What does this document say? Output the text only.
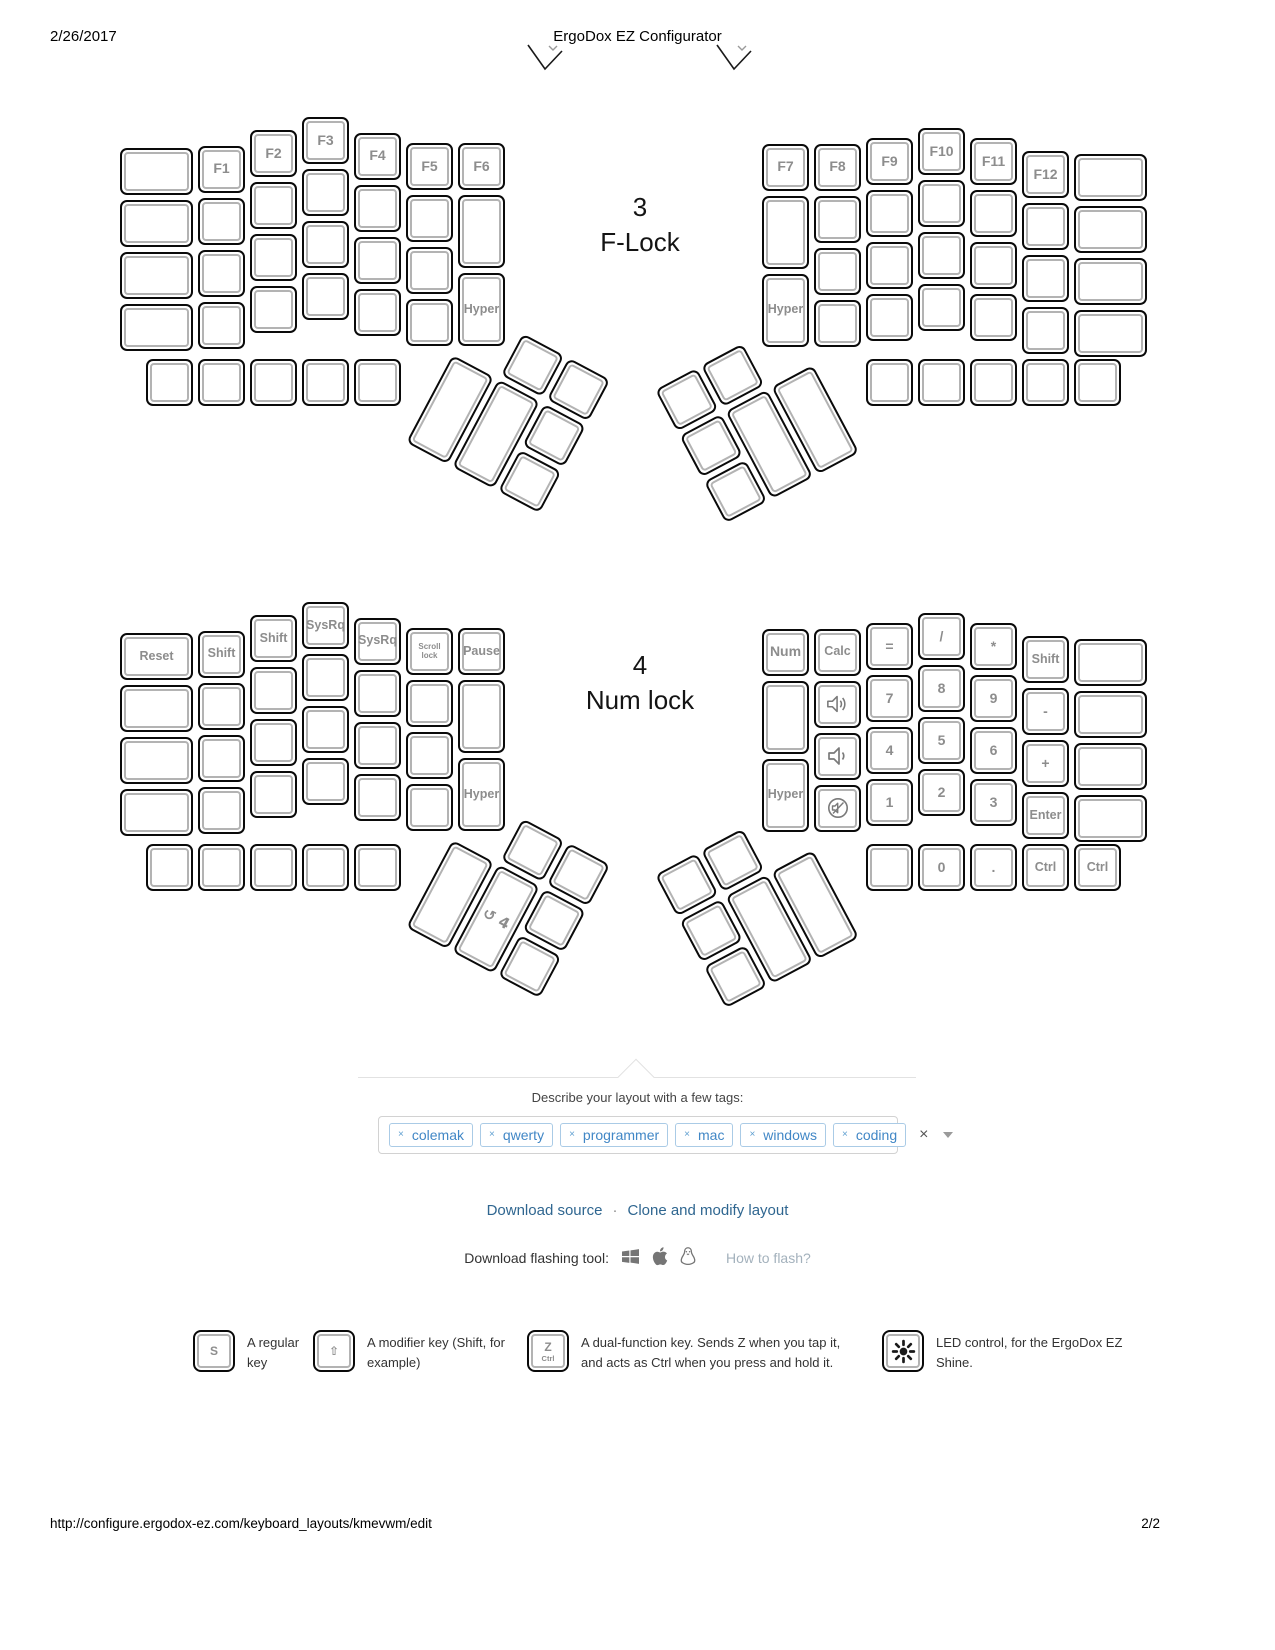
2/26/2017	ErgoDox EZ Configurator
3
F-Lock
F1
F2
F3
F4
F5	F6
Hyper
F7	F8	F9
F10
F11
F12
Hyper
4
Num lock
Reset	Shift
Shift
SysRq
SysRq	Scroll lock	Pause
Hyper
Num Calc =
/
*
Shift
7
8
9
-
Hyper
4
5
6
+
1
2
3
Enter
0	.	Ctrl Ctrl
↺ 4
Describe your layout with a few tags:
× colemak	× qwerty	× programmer	× mac	× windows	× coding ×
Download source · Clone and modify layout
Download flashing tool:	How to flash?
S
A regular key
⇧
A modifier key (Shift, for example)
Z
Ctrl
A dual-function key. Sends Z when you tap it, and acts as Ctrl when you press and hold it.
LED control, for the ErgoDox EZ Shine.
http://configure.ergodox-ez.com/keyboard_layouts/kmevwm/edit	2/2
